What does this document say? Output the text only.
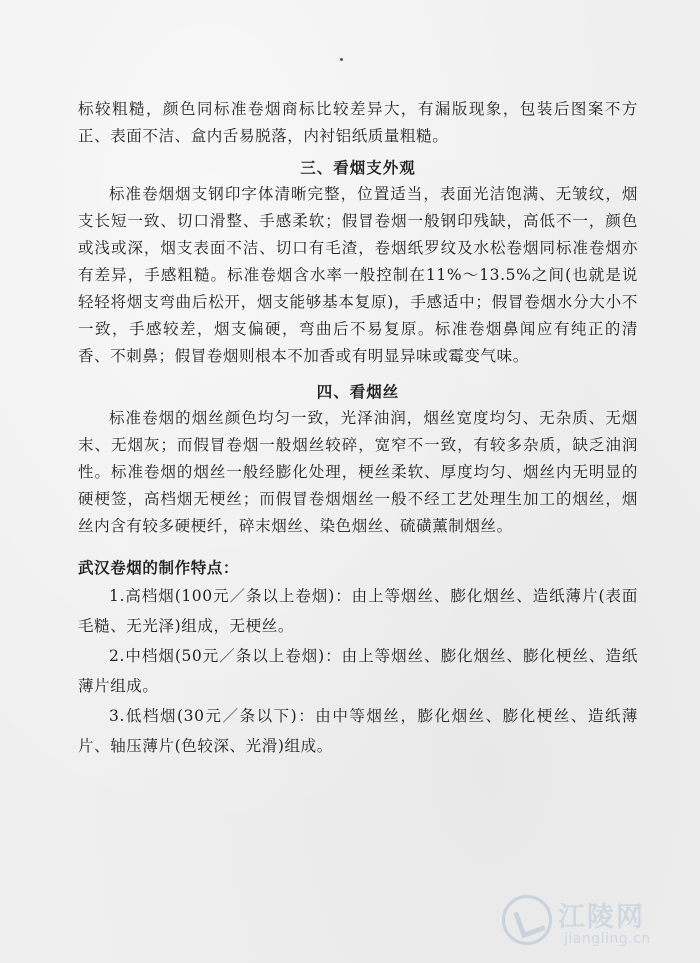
标较粗糙，颜色同标准卷烟商标比较差异大，有漏版现象，包装后图案不方正、表面不洁、盒内舌易脱落，内衬铝纸质量粗糙。

三、看烟支外观

标准卷烟烟支钢印字体清晰完整，位置适当，表面光洁饱满、无皱纹，烟支长短一致、切口滑整、手感柔软；假冒卷烟一般钢印残缺，高低不一，颜色或浅或深，烟支表面不洁、切口有毛渣，卷烟纸罗纹及水松卷烟同标准卷烟亦有差异，手感粗糙。标准卷烟含水率一般控制在11%～13.5%之间(也就是说轻轻将烟支弯曲后松开，烟支能够基本复原)，手感适中；假冒卷烟水分大小不一致，手感较差，烟支偏硬，弯曲后不易复原。标准卷烟鼻闻应有纯正的清香、不刺鼻；假冒卷烟则根本不加香或有明显异味或霉变气味。

四、看烟丝

标准卷烟的烟丝颜色均匀一致，光泽油润，烟丝宽度均匀、无杂质、无烟末、无烟灰；而假冒卷烟一般烟丝较碎，宽窄不一致，有较多杂质，缺乏油润性。标准卷烟的烟丝一般经膨化处理，梗丝柔软、厚度均匀、烟丝内无明显的硬梗签，高档烟无梗丝；而假冒卷烟烟丝一般不经工艺处理生加工的烟丝，烟丝内含有较多硬梗纤，碎末烟丝、染色烟丝、硫磺薰制烟丝。

武汉卷烟的制作特点：

1.高档烟(100元／条以上卷烟)：由上等烟丝、膨化烟丝、造纸薄片(表面毛糙、无光泽)组成，无梗丝。

2.中档烟(50元／条以上卷烟)：由上等烟丝、膨化烟丝、膨化梗丝、造纸薄片组成。

3.低档烟(30元／条以下)：由中等烟丝，膨化烟丝、膨化梗丝、造纸薄片、轴压薄片(色较深、光滑)组成。

江陵网
jiangling.cn
